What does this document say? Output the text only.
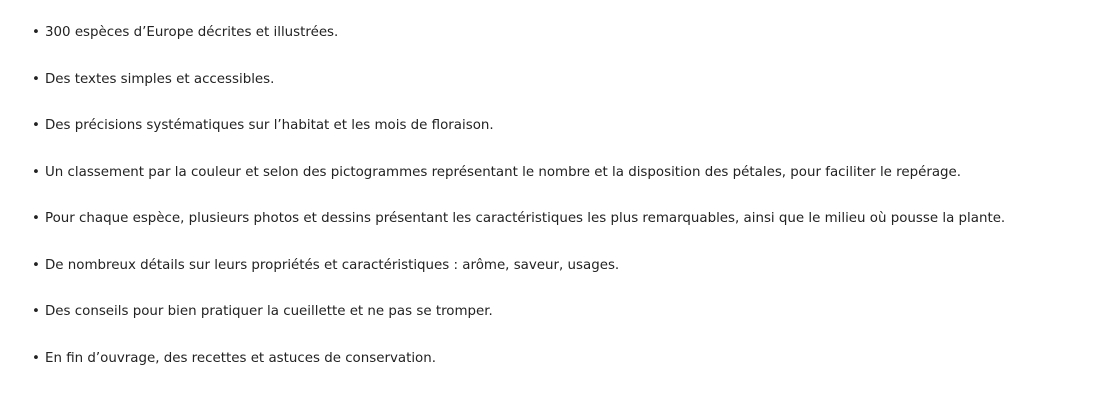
• 300 espèces d’Europe décrites et illustrées.
• Des textes simples et accessibles.
• Des précisions systématiques sur l’habitat et les mois de floraison.
• Un classement par la couleur et selon des pictogrammes représentant le nombre et la disposition des pétales, pour faciliter le repérage.
• Pour chaque espèce, plusieurs photos et dessins présentant les caractéristiques les plus remarquables, ainsi que le milieu où pousse la plante.
• De nombreux détails sur leurs propriétés et caractéristiques : arôme, saveur, usages.
• Des conseils pour bien pratiquer la cueillette et ne pas se tromper.
• En fin d’ouvrage, des recettes et astuces de conservation.
